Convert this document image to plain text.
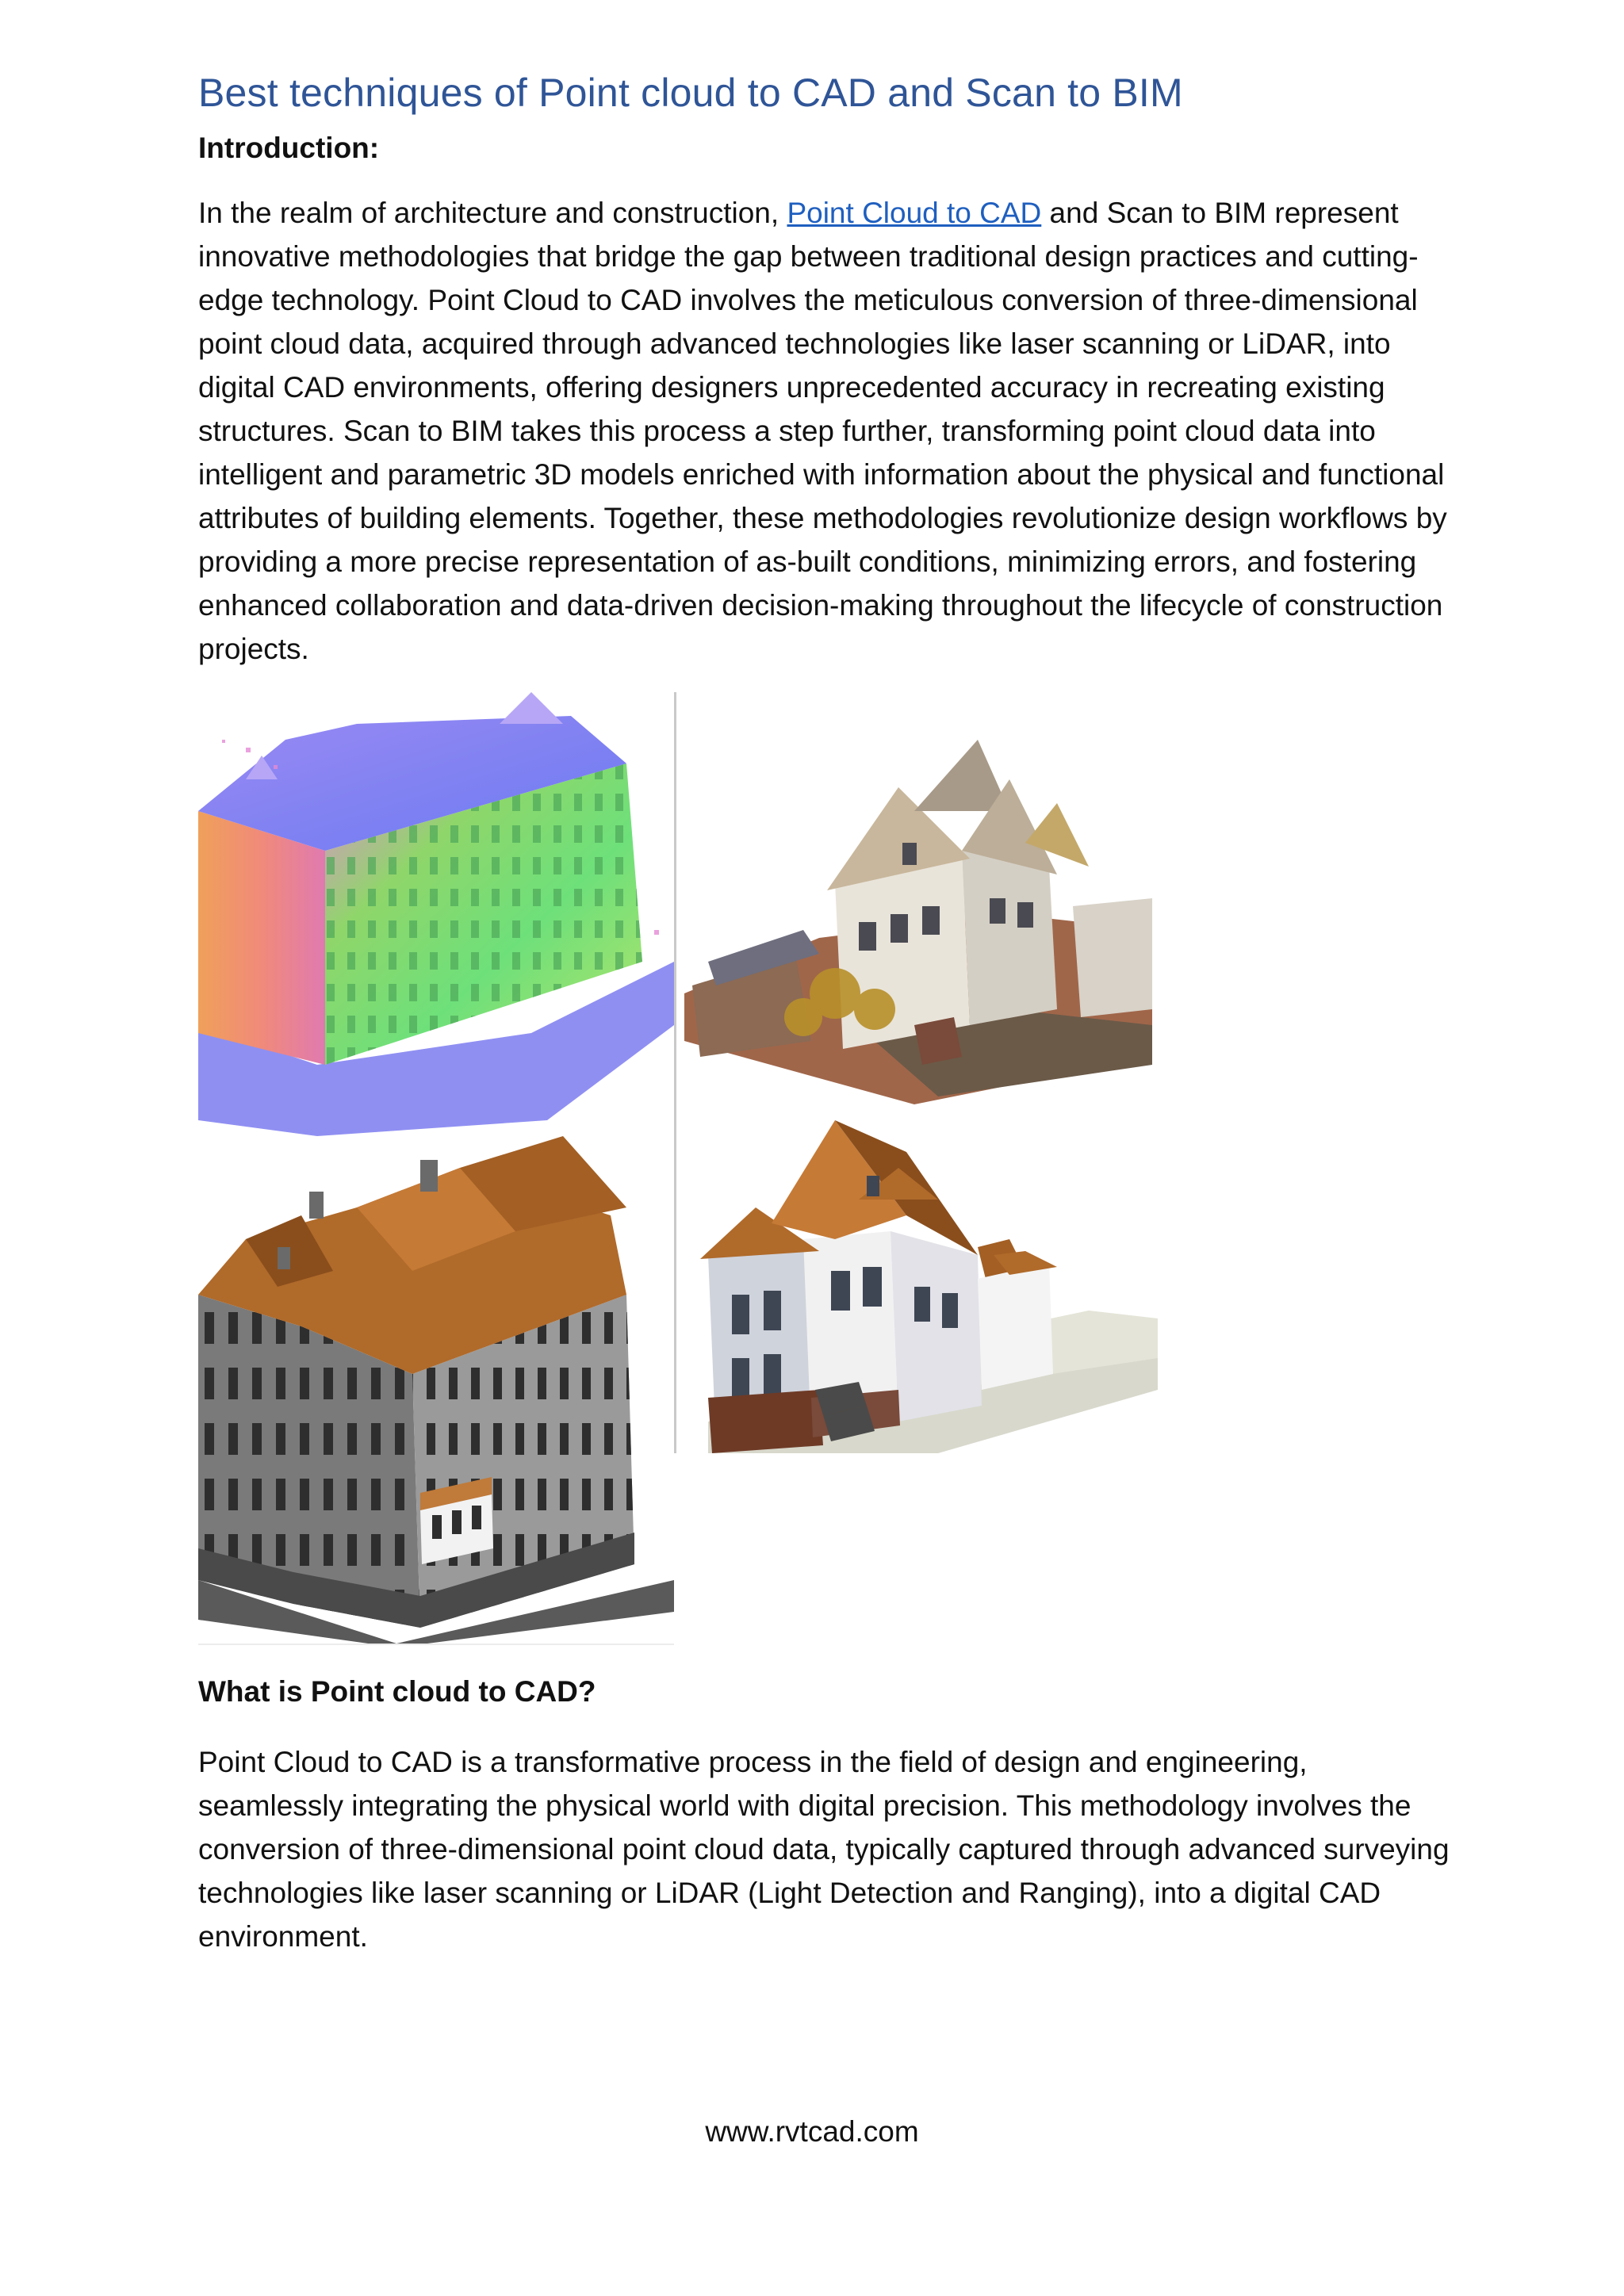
Best techniques of Point cloud to CAD and Scan to BIM
Introduction:

In the realm of architecture and construction, Point Cloud to CAD and Scan to BIM represent innovative methodologies that bridge the gap between traditional design practices and cutting-edge technology. Point Cloud to CAD involves the meticulous conversion of three-dimensional point cloud data, acquired through advanced technologies like laser scanning or LiDAR, into digital CAD environments, offering designers unprecedented accuracy in recreating existing structures. Scan to BIM takes this process a step further, transforming point cloud data into intelligent and parametric 3D models enriched with information about the physical and functional attributes of building elements. Together, these methodologies revolutionize design workflows by providing a more precise representation of as-built conditions, minimizing errors, and fostering enhanced collaboration and data-driven decision-making throughout the lifecycle of construction projects.

What is Point cloud to CAD?

Point Cloud to CAD is a transformative process in the field of design and engineering, seamlessly integrating the physical world with digital precision. This methodology involves the conversion of three-dimensional point cloud data, typically captured through advanced surveying technologies like laser scanning or LiDAR (Light Detection and Ranging), into a digital CAD environment.

www.rvtcad.com
